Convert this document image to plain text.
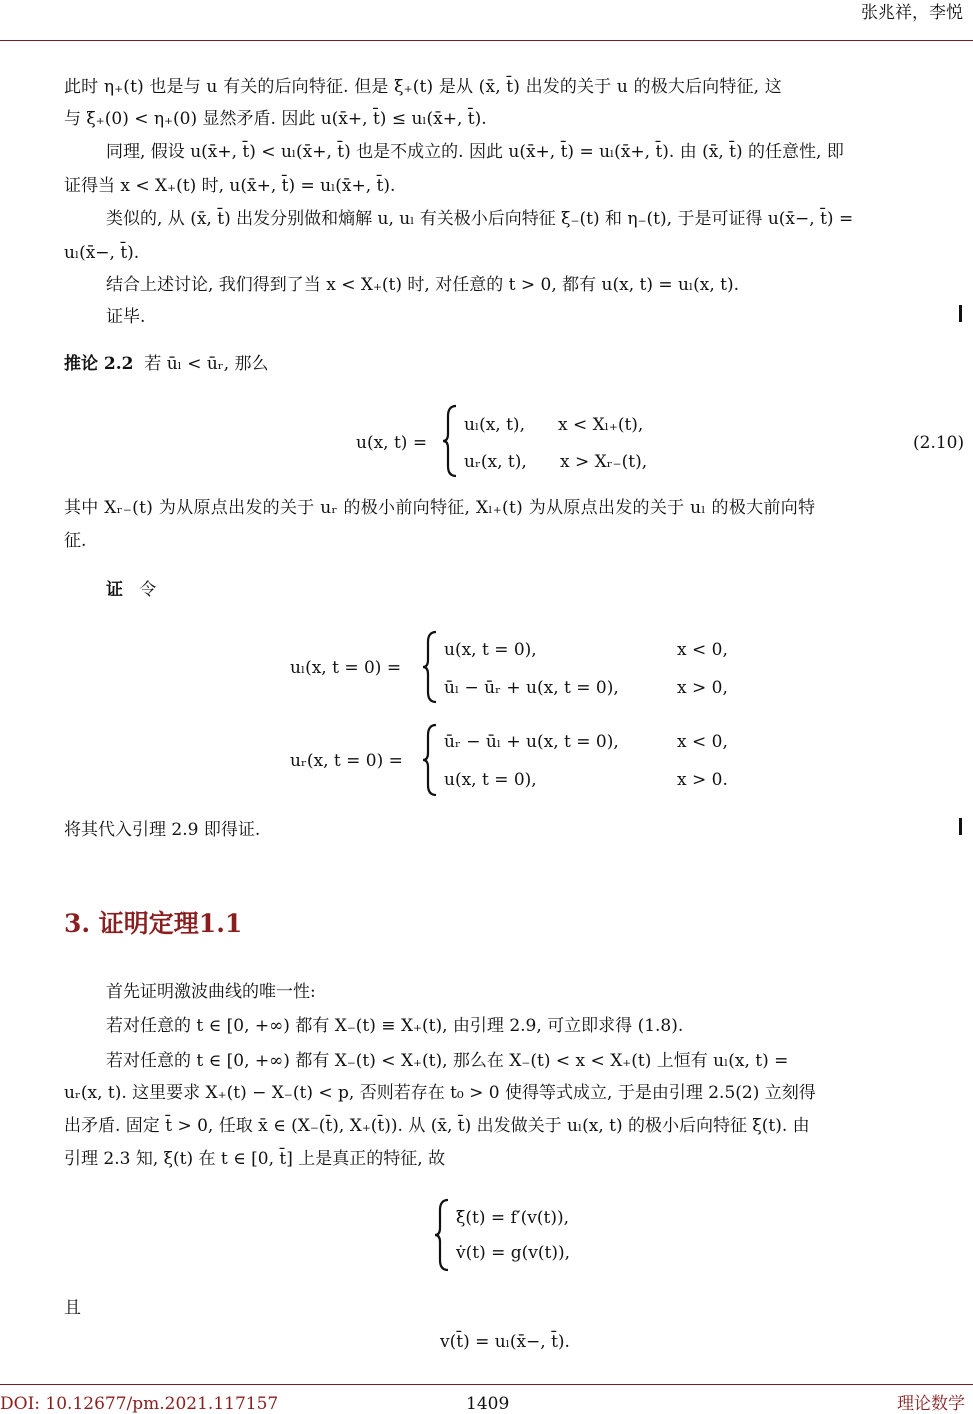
张兆祥，李悦
此时 η₊(t) 也是与 u 有关的后向特征. 但是 ξ₊(t) 是从 (x̄, t̄) 出发的关于 u 的极大后向特征, 这
与 ξ₊(0) < η₊(0) 显然矛盾. 因此 u(x̄+, t̄) ≤ uₗ(x̄+, t̄).
同理, 假设 u(x̄+, t̄) < uₗ(x̄+, t̄) 也是不成立的. 因此 u(x̄+, t̄) = uₗ(x̄+, t̄). 由 (x̄, t̄) 的任意性, 即
证得当 x < X₊(t) 时, u(x̄+, t̄) = uₗ(x̄+, t̄).
类似的, 从 (x̄, t̄) 出发分别做和熵解 u, uₗ 有关极小后向特征 ξ₋(t) 和 η₋(t), 于是可证得 u(x̄−, t̄) =
uₗ(x̄−, t̄).
结合上述讨论, 我们得到了当 x < X₊(t) 时, 对任意的 t > 0, 都有 u(x, t) = uₗ(x, t).
证毕.
推论 2.2 若 ūₗ < ūᵣ, 那么
u(x, t) =
uₗ(x, t), x < Xₗ₊(t),
uᵣ(x, t), x > Xᵣ₋(t),
(2.10)
其中 Xᵣ₋(t) 为从原点出发的关于 uᵣ 的极小前向特征, Xₗ₊(t) 为从原点出发的关于 uₗ 的极大前向特
征.
证 令
uₗ(x, t = 0) =
u(x, t = 0),	x < 0,
ūₗ − ūᵣ + u(x, t = 0),	x > 0,
uᵣ(x, t = 0) =
ūᵣ − ūₗ + u(x, t = 0),	x < 0,
u(x, t = 0),	x > 0.
将其代入引理 2.9 即得证.
3. 证明定理1.1
首先证明激波曲线的唯一性:
若对任意的 t ∈ [0, +∞) 都有 X₋(t) ≡ X₊(t), 由引理 2.9, 可立即求得 (1.8).
若对任意的 t ∈ [0, +∞) 都有 X₋(t) < X₊(t), 那么在 X₋(t) < x < X₊(t) 上恒有 uₗ(x, t) =
uᵣ(x, t). 这里要求 X₊(t) − X₋(t) < p, 否则若存在 t₀ > 0 使得等式成立, 于是由引理 2.5(2) 立刻得
出矛盾. 固定 t̄ > 0, 任取 x̄ ∈ (X₋(t̄), X₊(t̄)). 从 (x̄, t̄) 出发做关于 uₗ(x, t) 的极小后向特征 ξ(t). 由
引理 2.3 知, ξ(t) 在 t ∈ [0, t̄] 上是真正的特征, 故
ξ̇(t) = f′(v(t)),
v̇(t) = g(v(t)),
且
v(t̄) = uₗ(x̄−, t̄).
DOI: 10.12677/pm.2021.117157	1409	理论数学
